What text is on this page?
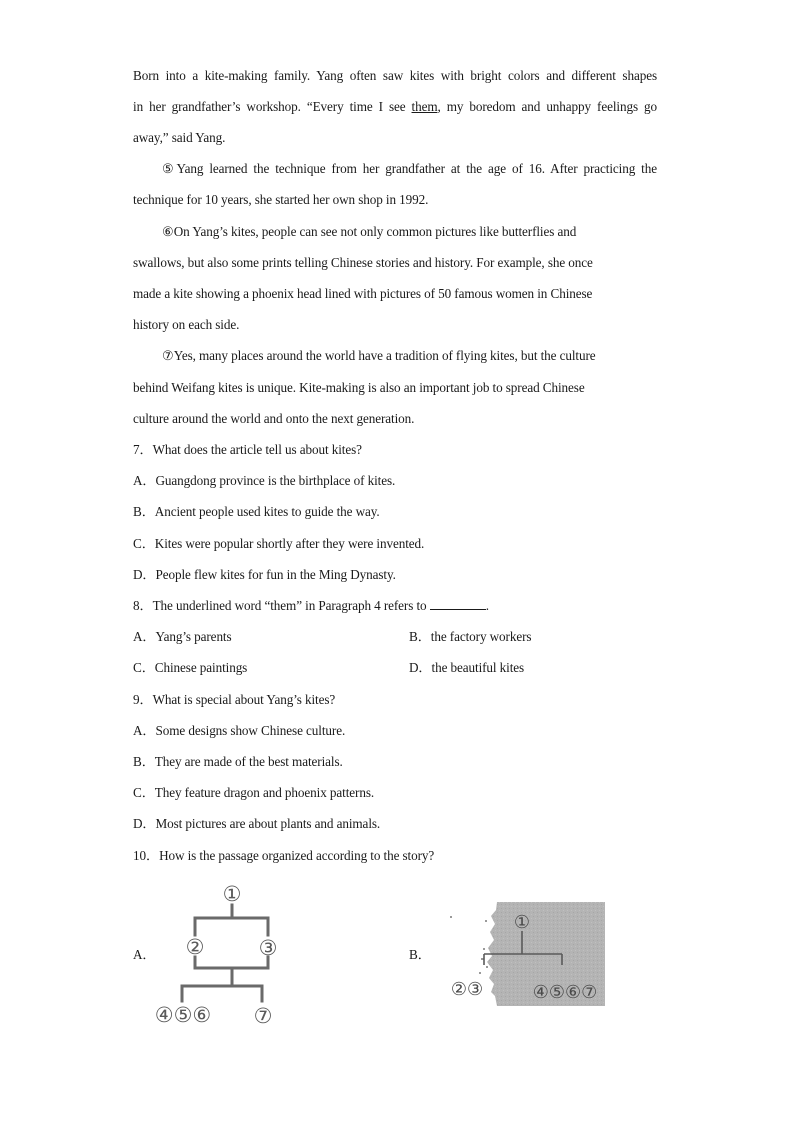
Born into a kite-making family. Yang often saw kites with bright colors and different shapes
in her grandfather’s workshop. “Every time I see them, my boredom and unhappy feelings go
away,” said Yang.
⑤Yang learned the technique from her grandfather at the age of 16. After practicing the
technique for 10 years, she started her own shop in 1992.
⑥On Yang’s kites, people can see not only common pictures like butterflies and
swallows, but also some prints telling Chinese stories and history. For example, she once
made a kite showing a phoenix head lined with pictures of 50 famous women in Chinese
history on each side.
⑦Yes, many places around the world have a tradition of flying kites, but the culture
behind Weifang kites is unique. Kite-making is also an important job to spread Chinese
culture around the world and onto the next generation.
7．What does the article tell us about kites?
A．Guangdong province is the birthplace of kites.
B．Ancient people used kites to guide the way.
C．Kites were popular shortly after they were invented.
D．People flew kites for fun in the Ming Dynasty.
8．The underlined word “them” in Paragraph 4 refers to	.
A．Yang’s parents	B．the factory workers
C．Chinese paintings	D．the beautiful kites
9．What is special about Yang’s kites?
A．Some designs show Chinese culture.
B．They are made of the best materials.
C．They feature dragon and phoenix patterns.
D．Most pictures are about plants and animals.
10．How is the passage organized according to the story?
A．	B．
①
②	③
④⑤⑥ ⑦
①
②③	④⑤⑥⑦
